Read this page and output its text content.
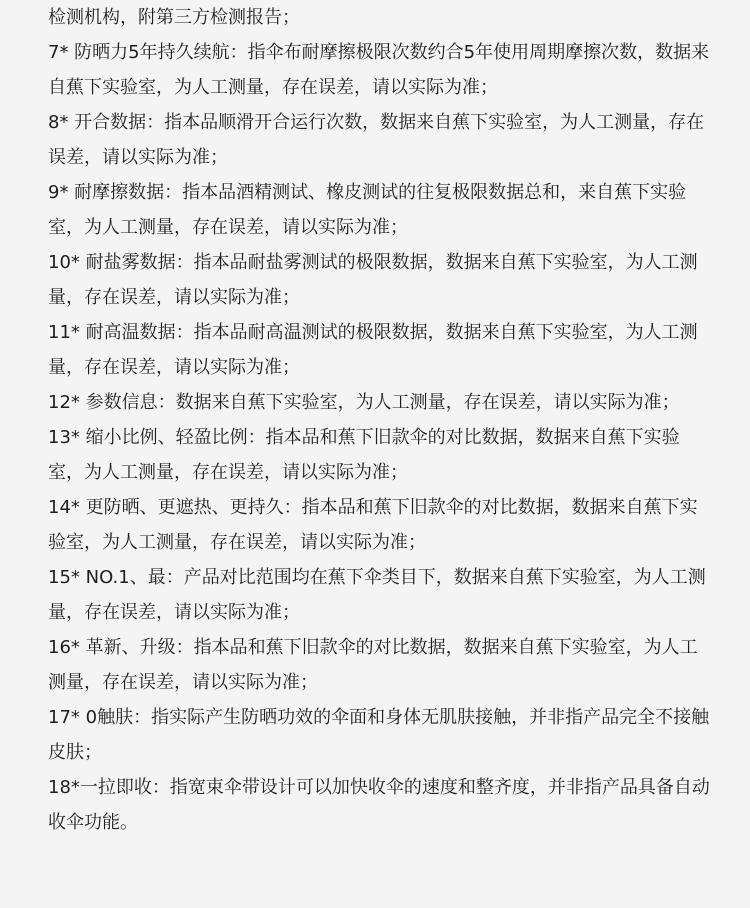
检测机构，附第三方检测报告；
7* 防晒力5年持久续航：指伞布耐摩擦极限次数约合5年使用周期摩擦次数，数据来自蕉下实验室，为人工测量，存在误差，请以实际为准；
8* 开合数据：指本品顺滑开合运行次数，数据来自蕉下实验室，为人工测量，存在误差，请以实际为准；
9* 耐摩擦数据：指本品酒精测试、橡皮测试的往复极限数据总和，来自蕉下实验室，为人工测量，存在误差，请以实际为准；
10* 耐盐雾数据：指本品耐盐雾测试的极限数据，数据来自蕉下实验室，为人工测量，存在误差，请以实际为准；
11* 耐高温数据：指本品耐高温测试的极限数据，数据来自蕉下实验室，为人工测量，存在误差，请以实际为准；
12* 参数信息：数据来自蕉下实验室，为人工测量，存在误差，请以实际为准；
13* 缩小比例、轻盈比例：指本品和蕉下旧款伞的对比数据，数据来自蕉下实验室，为人工测量，存在误差，请以实际为准；
14* 更防晒、更遮热、更持久：指本品和蕉下旧款伞的对比数据，数据来自蕉下实验室，为人工测量，存在误差，请以实际为准；
15* NO.1、最：产品对比范围均在蕉下伞类目下，数据来自蕉下实验室，为人工测量，存在误差，请以实际为准；
16* 革新、升级：指本品和蕉下旧款伞的对比数据，数据来自蕉下实验室，为人工测量，存在误差，请以实际为准；
17* 0触肤：指实际产生防晒功效的伞面和身体无肌肤接触，并非指产品完全不接触皮肤；
18*一拉即收：指宽束伞带设计可以加快收伞的速度和整齐度，并非指产品具备自动收伞功能。
